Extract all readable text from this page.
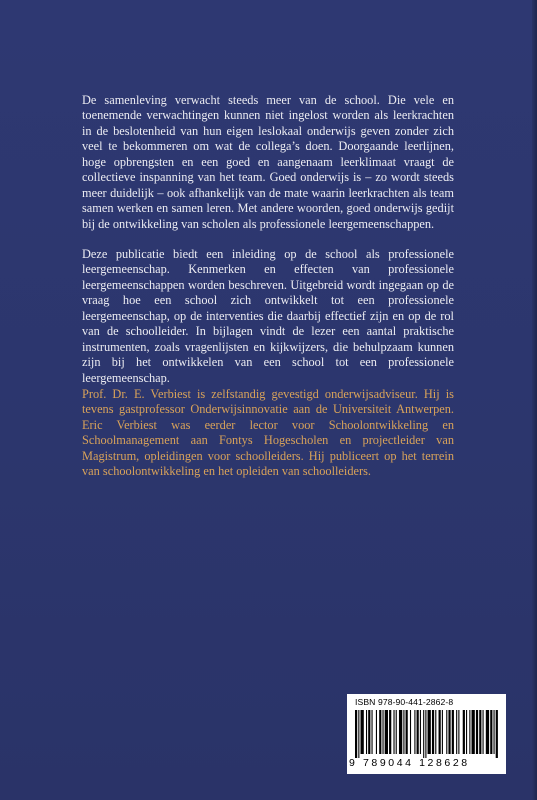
De samenleving verwacht steeds meer van de school. Die vele en toenemende verwachtingen kunnen niet ingelost worden als leerkrachten in de beslotenheid van hun eigen leslokaal onderwijs geven zonder zich veel te bekommeren om wat de collega’s doen. Doorgaande leerlijnen, hoge opbrengsten en een goed en aangenaam leerklimaat vraagt de collectieve inspanning van het team. Goed onderwijs is – zo wordt steeds meer duidelijk – ook afhankelijk van de mate waarin leerkrachten als team samen werken en samen leren. Met andere woorden, goed onderwijs gedijt bij de ontwikkeling van scholen als professionele leergemeenschappen.

Deze publicatie biedt een inleiding op de school als professionele leergemeenschap. Kenmerken en effecten van professionele leergemeenschappen worden beschreven. Uitgebreid wordt ingegaan op de vraag hoe een school zich ontwikkelt tot een professionele leergemeenschap, op de interventies die daarbij effectief zijn en op de rol van de schoolleider. In bijlagen vindt de lezer een aantal praktische instrumenten, zoals vragenlijsten en kijkwijzers, die behulpzaam kunnen zijn bij het ontwikkelen van een school tot een professionele leergemeenschap.

Prof. Dr. E. Verbiest is zelfstandig gevestigd onderwijsadviseur. Hij is tevens gastprofessor Onderwijsinnovatie aan de Universiteit Antwerpen. Eric Verbiest was eerder lector voor Schoolontwikkeling en Schoolmanagement aan Fontys Hogescholen en projectleider van Magistrum, opleidingen voor schoolleiders. Hij publiceert op het terrein van schoolontwikkeling en het opleiden van schoolleiders.

ISBN 978-90-441-2862-8
9 789044 128628
